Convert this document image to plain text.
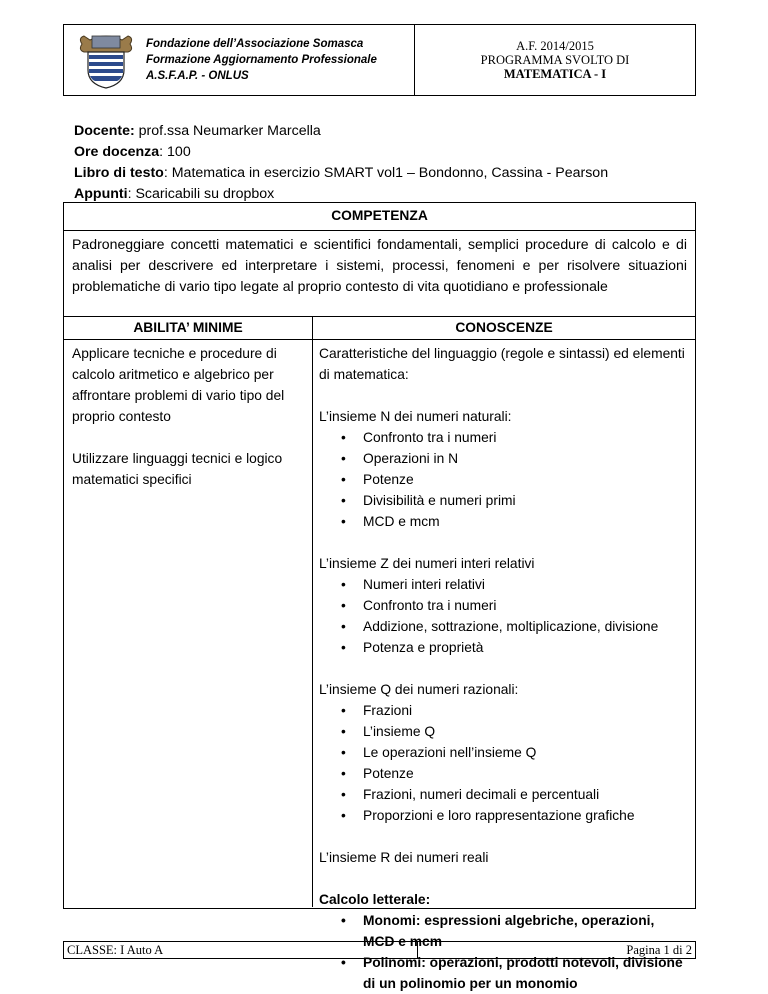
Fondazione dell’Associazione Somasca
Formazione Aggiornamento Professionale
A.S.F.A.P. - ONLUS
A.F. 2014/2015
PROGRAMMA SVOLTO DI
MATEMATICA - I
Docente: prof.ssa Neumarker Marcella
Ore docenza: 100
Libro di testo: Matematica in esercizio SMART vol1 – Bondonno, Cassina - Pearson
Appunti: Scaricabili su dropbox
COMPETENZA
Padroneggiare concetti matematici e scientifici fondamentali, semplici procedure di calcolo e di analisi per descrivere ed interpretare i sistemi, processi, fenomeni e per risolvere situazioni problematiche di vario tipo legate al proprio contesto di vita quotidiano e professionale
ABILITA’ MINIME

Applicare tecniche e procedure di calcolo aritmetico e algebrico per affrontare problemi di vario tipo del proprio contesto

Utilizzare linguaggi tecnici e logico matematici specifici

CONOSCENZE

Caratteristiche del linguaggio (regole e sintassi) ed elementi di matematica:

L’insieme N dei numeri naturali:

• Confronto tra i numeri
• Operazioni in N
• Potenze
• Divisibilità e numeri primi
• MCD e mcm

L’insieme Z dei numeri interi relativi

• Numeri interi relativi
• Confronto tra i numeri
• Addizione, sottrazione, moltiplicazione, divisione
• Potenza e proprietà

L’insieme Q dei numeri razionali:

• Frazioni
• L’insieme Q
• Le operazioni nell’insieme Q
• Potenze
• Frazioni, numeri decimali e percentuali
• Proporzioni e loro rappresentazione grafiche

L’insieme R dei numeri reali

Calcolo letterale:

• Monomi: espressioni algebriche, operazioni, MCD e mcm
• Polinomi: operazioni, prodotti notevoli, divisione di un polinomio per un monomio
CLASSE: I Auto A	Pagina 1 di 2
